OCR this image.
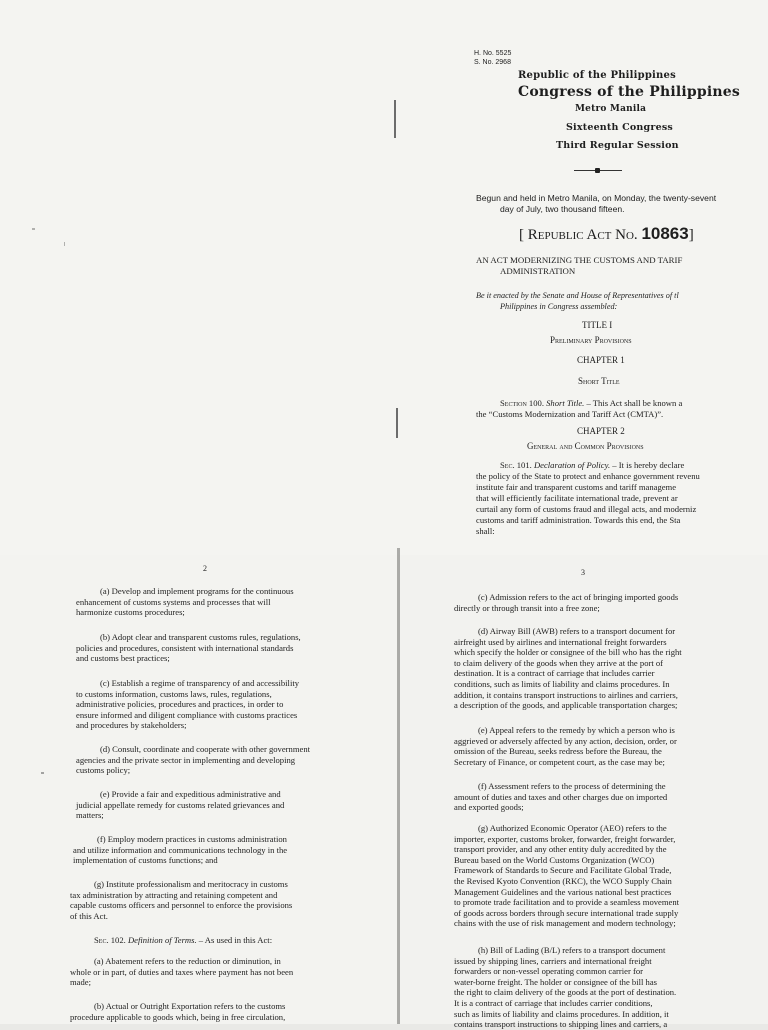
H. No. 5525
S. No. 2968
Republic of the Philippines
Congress of the Philippines
Metro Manila
Sixteenth Congress
Third Regular Session
Begun and held in Metro Manila, on Monday, the twenty-sevent
day of July, two thousand fifteen.
[ Republic Act No. 10863]
AN ACT MODERNIZING THE CUSTOMS AND TARIF
ADMINISTRATION
Be it enacted by the Senate and House of Representatives of tl
Philippines in Congress assembled:
TITLE I
Preliminary Provisions
CHAPTER 1
Short Title
Section 100. Short Title. – This Act shall be known a
the “Customs Modernization and Tariff Act (CMTA)”.
CHAPTER 2
General and Common Provisions
Sec. 101. Declaration of Policy. – It is hereby declare
the policy of the State to protect and enhance government revenu
institute fair and transparent customs and tariff manageme
that will efficiently facilitate international trade, prevent ar
curtail any form of customs fraud and illegal acts, and moderniz
customs and tariff administration. Towards this end, the Sta
shall:
2

(a) Develop and implement programs for the continuous

enhancement of customs systems and processes that will

harmonize customs procedures;

(b) Adopt clear and transparent customs rules, regulations,

policies and procedures, consistent with international standards

and customs best practices;

(c) Establish a regime of transparency of and accessibility

to customs information, customs laws, rules, regulations,

administrative policies, procedures and practices, in order to

ensure informed and diligent compliance with customs practices

and procedures by stakeholders;

(d) Consult, coordinate and cooperate with other government

agencies and the private sector in implementing and developing

customs policy;

(e) Provide a fair and expeditious administrative and

judicial appellate remedy for customs related grievances and

matters;

(f) Employ modern practices in customs administration

and utilize information and communications technology in the

implementation of customs functions; and

(g) Institute professionalism and meritocracy in customs

tax administration by attracting and retaining competent and

capable customs officers and personnel to enforce the provisions

of this Act.

Sec. 102. Definition of Terms. – As used in this Act:

(a) Abatement refers to the reduction or diminution, in

whole or in part, of duties and taxes where payment has not been

made;

(b) Actual or Outright Exportation refers to the customs

procedure applicable to goods which, being in free circulation,

3

(c) Admission refers to the act of bringing imported goods

directly or through transit into a free zone;

(d) Airway Bill (AWB) refers to a transport document for

airfreight used by airlines and international freight forwarders

which specify the holder or consignee of the bill who has the right

to claim delivery of the goods when they arrive at the port of

destination. It is a contract of carriage that includes carrier

conditions, such as limits of liability and claims procedures. In

addition, it contains transport instructions to airlines and carriers,

a description of the goods, and applicable transportation charges;

(e) Appeal refers to the remedy by which a person who is

aggrieved or adversely affected by any action, decision, order, or

omission of the Bureau, seeks redress before the Bureau, the

Secretary of Finance, or competent court, as the case may be;

(f) Assessment refers to the process of determining the

amount of duties and taxes and other charges due on imported

and exported goods;

(g) Authorized Economic Operator (AEO) refers to the

importer, exporter, customs broker, forwarder, freight forwarder,

transport provider, and any other entity duly accredited by the

Bureau based on the World Customs Organization (WCO)

Framework of Standards to Secure and Facilitate Global Trade,

the Revised Kyoto Convention (RKC), the WCO Supply Chain

Management Guidelines and the various national best practices

to promote trade facilitation and to provide a seamless movement

of goods across borders through secure international trade supply

chains with the use of risk management and modern technology;

(h) Bill of Lading (B/L) refers to a transport document

issued by shipping lines, carriers and international freight

forwarders or non-vessel operating common carrier for

water-borne freight. The holder or consignee of the bill has

the right to claim delivery of the goods at the port of destination.

It is a contract of carriage that includes carrier conditions,

such as limits of liability and claims procedures. In addition, it

contains transport instructions to shipping lines and carriers, a
